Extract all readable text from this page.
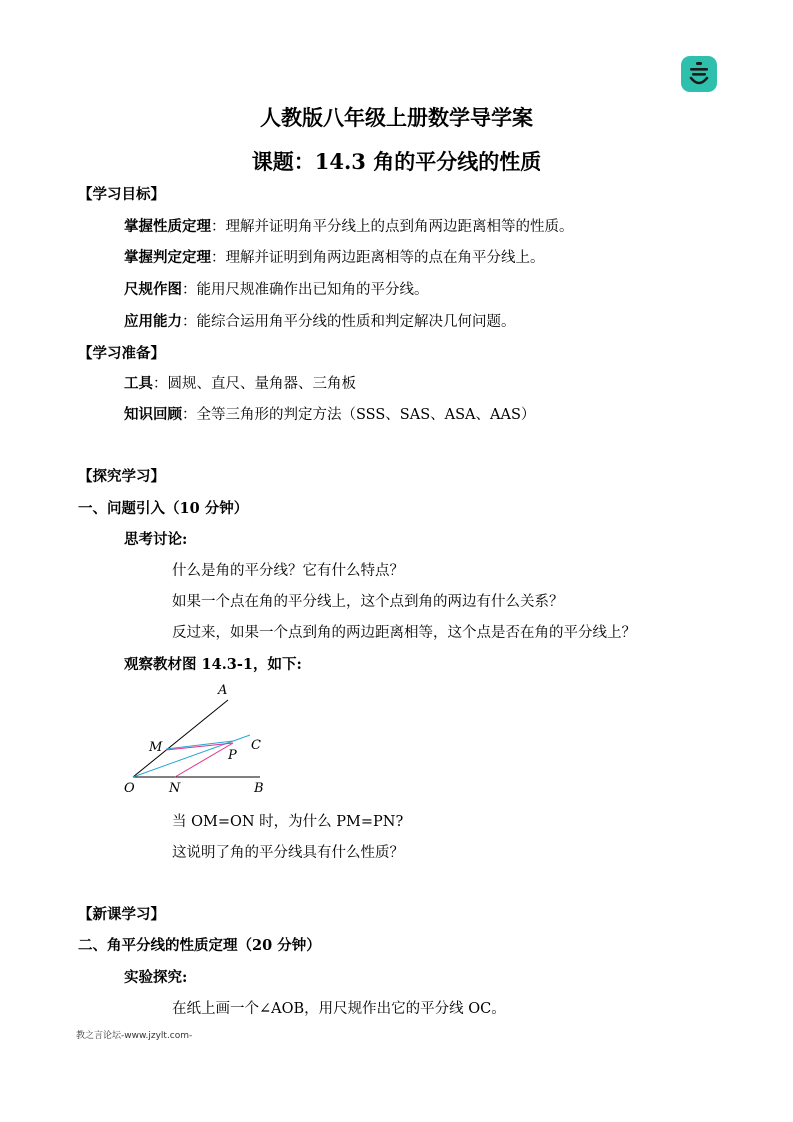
人教版八年级上册数学导学案
课题：14.3 角的平分线的性质
【学习目标】
掌握性质定理：理解并证明角平分线上的点到角两边距离相等的性质。
掌握判定定理：理解并证明到角两边距离相等的点在角平分线上。
尺规作图：能用尺规准确作出已知角的平分线。
应用能力：能综合运用角平分线的性质和判定解决几何问题。
【学习准备】
工具：圆规、直尺、量角器、三角板
知识回顾：全等三角形的判定方法（SSS、SAS、ASA、AAS）
【探究学习】
一、问题引入（10 分钟）
思考讨论:
什么是角的平分线？它有什么特点？
如果一个点在角的平分线上，这个点到角的两边有什么关系？
反过来，如果一个点到角的两边距离相等，这个点是否在角的平分线上？
观察教材图 14.3-1，如下:
A
M	C
P
O	N	B
当 OM=ON 时，为什么 PM=PN?
这说明了角的平分线具有什么性质？
【新课学习】
二、角平分线的性质定理（20 分钟）
实验探究:
在纸上画一个∠AOB，用尺规作出它的平分线 OC。
教之言论坛-www.jzylt.com-
